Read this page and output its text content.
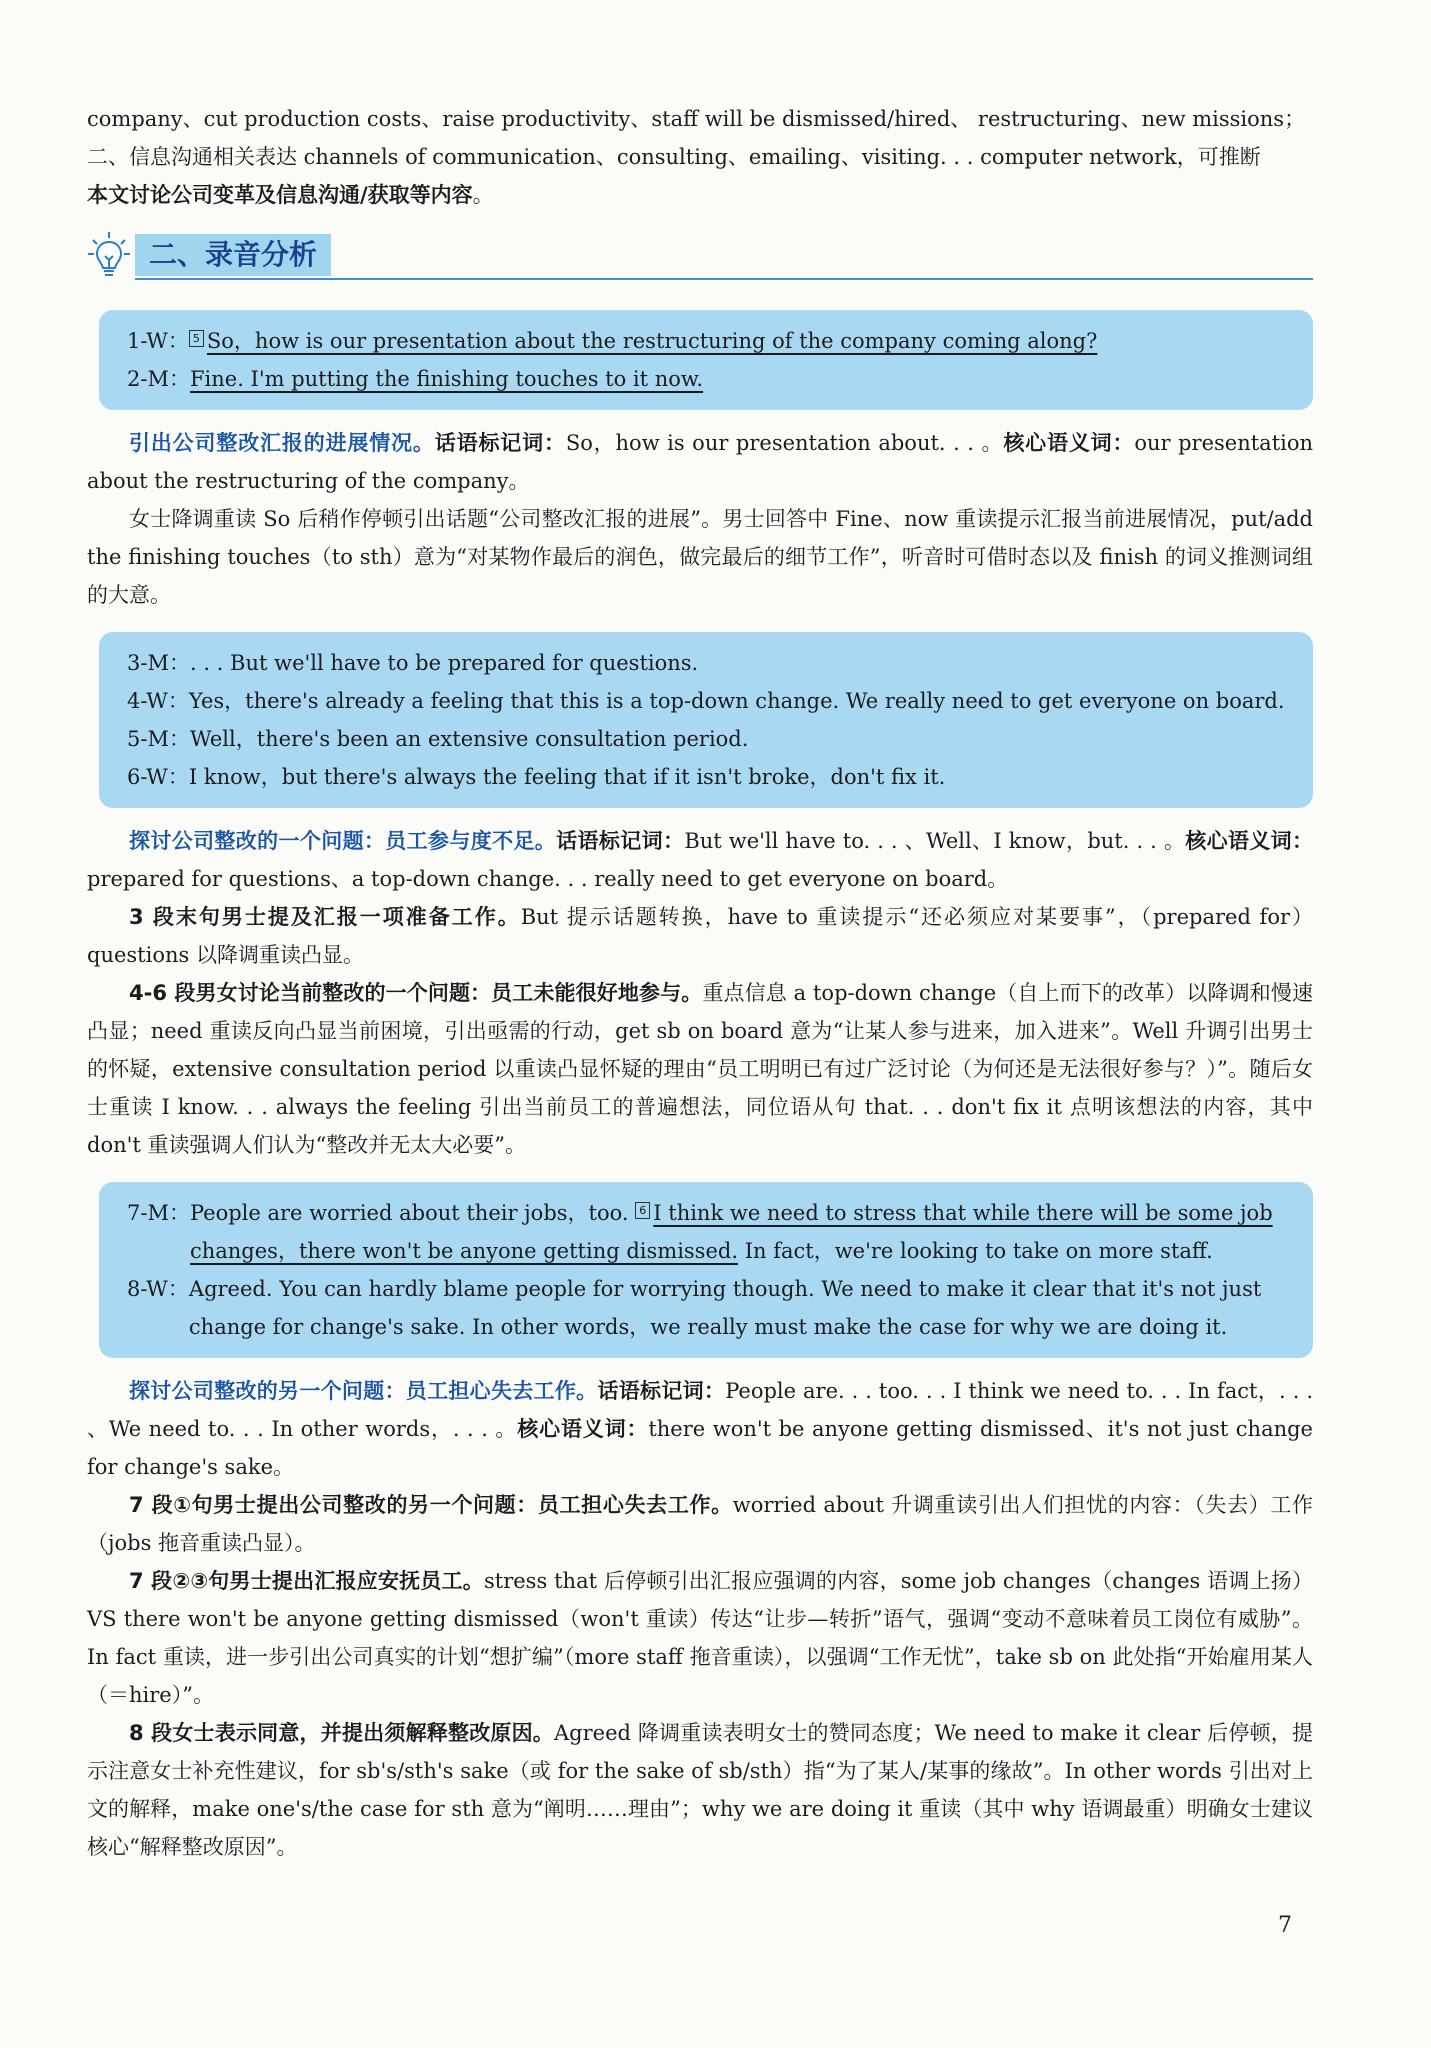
company、cut production costs、raise productivity、staff will be dismissed/hired、 restructuring、new missions；
二、信息沟通相关表达 channels of communication、consulting、emailing、visiting. . . computer network，可推断
本文讨论公司变革及信息沟通/获取等内容。

二、录音分析
1-W： 5 So，how is our presentation about the restructuring of the company coming along?
2-M： Fine. I'm putting the finishing touches to it now.

引出公司整改汇报的进展情况。话语标记词：So，how is our presentation about. . . 。核心语义词：our presentation about the restructuring of the company。

女士降调重读 So 后稍作停顿引出话题“公司整改汇报的进展”。男士回答中 Fine、now 重读提示汇报当前进展情况，put/add the finishing touches（to sth）意为“对某物作最后的润色，做完最后的细节工作”，听音时可借时态以及 finish 的词义推测词组的大意。

3-M： . . . But we'll have to be prepared for questions.
4-W： Yes，there's already a feeling that this is a top-down change. We really need to get everyone on board.
5-M： Well，there's been an extensive consultation period.
6-W： I know，but there's always the feeling that if it isn't broke，don't fix it.

探讨公司整改的一个问题：员工参与度不足。话语标记词：But we'll have to. . . 、Well、I know，but. . . 。核心语义词：prepared for questions、a top-down change. . . really need to get everyone on board。

3 段末句男士提及汇报一项准备工作。But 提示话题转换，have to 重读提示“还必须应对某要事”，（prepared for） questions 以降调重读凸显。

4-6 段男女讨论当前整改的一个问题：员工未能很好地参与。重点信息 a top-down change（自上而下的改革）以降调和慢速凸显；need 重读反向凸显当前困境，引出亟需的行动，get sb on board 意为“让某人参与进来，加入进来”。Well 升调引出男士的怀疑，extensive consultation period 以重读凸显怀疑的理由“员工明明已有过广泛讨论（为何还是无法很好参与？）”。随后女士重读 I know. . . always the feeling 引出当前员工的普遍想法，同位语从句 that. . . don't fix it 点明该想法的内容，其中 don't 重读强调人们认为“整改并无太大必要”。

7-M： People are worried about their jobs，too. 6 I think we need to stress that while there will be some job changes，there won't be anyone getting dismissed. In fact，we're looking to take on more staff.
8-W： Agreed. You can hardly blame people for worrying though. We need to make it clear that it's not just change for change's sake. In other words，we really must make the case for why we are doing it.

探讨公司整改的另一个问题：员工担心失去工作。话语标记词：People are. . . too. . . I think we need to. . . In fact，. . . 、We need to. . . In other words，. . . 。核心语义词：there won't be anyone getting dismissed、it's not just change for change's sake。

7 段①句男士提出公司整改的另一个问题：员工担心失去工作。worried about 升调重读引出人们担忧的内容：（失去）工作（jobs 拖音重读凸显）。

7 段②③句男士提出汇报应安抚员工。stress that 后停顿引出汇报应强调的内容，some job changes（changes 语调上扬） VS there won't be anyone getting dismissed（won't 重读）传达“让步—转折”语气，强调“变动不意味着员工岗位有威胁”。In fact 重读，进一步引出公司真实的计划“想扩编”（more staff 拖音重读），以强调“工作无忧”，take sb on 此处指“开始雇用某人（＝hire）”。

8 段女士表示同意，并提出须解释整改原因。Agreed 降调重读表明女士的赞同态度；We need to make it clear 后停顿，提示注意女士补充性建议，for sb's/sth's sake（或 for the sake of sb/sth）指“为了某人/某事的缘故”。In other words 引出对上文的解释，make one's/the case for sth 意为“阐明……理由”；why we are doing it 重读（其中 why 语调最重）明确女士建议核心“解释整改原因”。

7
